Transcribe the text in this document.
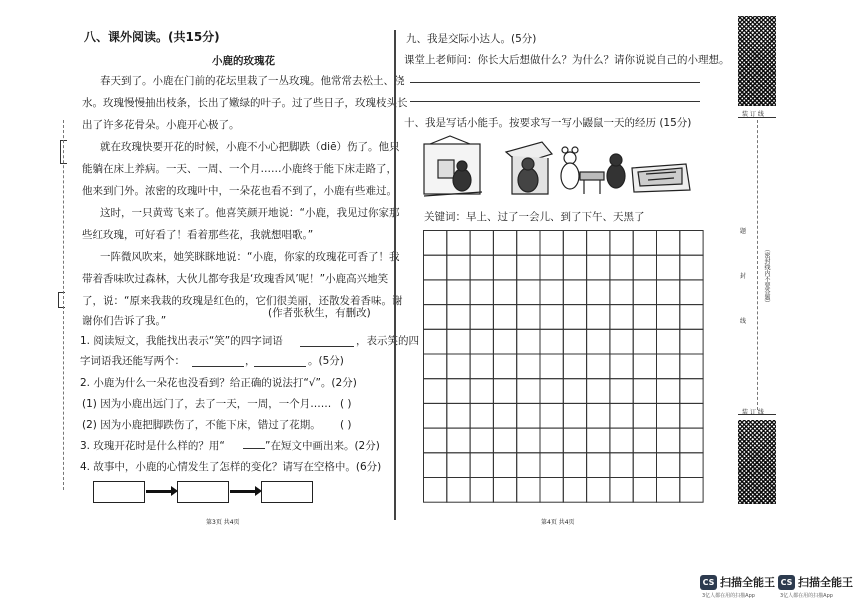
八、课外阅读。(共15分)
小鹿的玫瑰花
春天到了。小鹿在门前的花坛里栽了一丛玫瑰。他常常去松土、浇
水。玫瑰慢慢抽出枝条，长出了嫩绿的叶子。过了些日子，玫瑰枝头长
出了许多花骨朵。小鹿开心极了。
就在玫瑰快要开花的时候，小鹿不小心把脚跌（diē）伤了。他只
能躺在床上养病。一天、一周、一个月……小鹿终于能下床走路了，
他来到门外。浓密的玫瑰叶中，一朵花也看不到了，小鹿有些难过。
这时，一只黄莺飞来了。他喜笑颜开地说：“小鹿，我见过你家那
些红玫瑰，可好看了！看着那些花，我就想唱歌。”
一阵微风吹来，她笑眯眯地说：“小鹿，你家的玫瑰花可香了！我
带着香味吹过森林，大伙儿都夸我是‘玫瑰香风’呢！”小鹿高兴地笑
了，说：“原来我栽的玫瑰是红色的，它们很美丽，还散发着香味。谢
谢你们告诉了我。”
(作者张秋生，有删改)
1. 阅读短文，我能找出表示“笑”的四字词语	，表示笑的四
字词语我还能写两个：	，	。(5分)
2. 小鹿为什么一朵花也没看到？给正确的说法打“√”。(2分)
(1) 因为小鹿出远门了，去了一天，一周，一个月…… ( )
(2) 因为小鹿把脚跌伤了，不能下床，错过了花期。 ( )
3. 玫瑰开花时是什么样的？用“	”在短文中画出来。(2分)
4. 故事中，小鹿的心情发生了怎样的变化？请写在空格中。(6分)
第3页 共4页
九、我是交际小达人。(5分)
课堂上老师问：你长大后想做什么？为什么？请你说说自己的小理想。
十、我是写话小能手。按要求写一写小鼹鼠一天的经历 (15分)
关键词：早上、过了一会儿、到了下午、天黑了
第4页 共4页
装 订 线
题
封
线
（密封线内不要答题）
装 订 线
CS 扫描全能王
3亿人都在用的扫描App
CS 扫描全能王
3亿人都在用的扫描App
